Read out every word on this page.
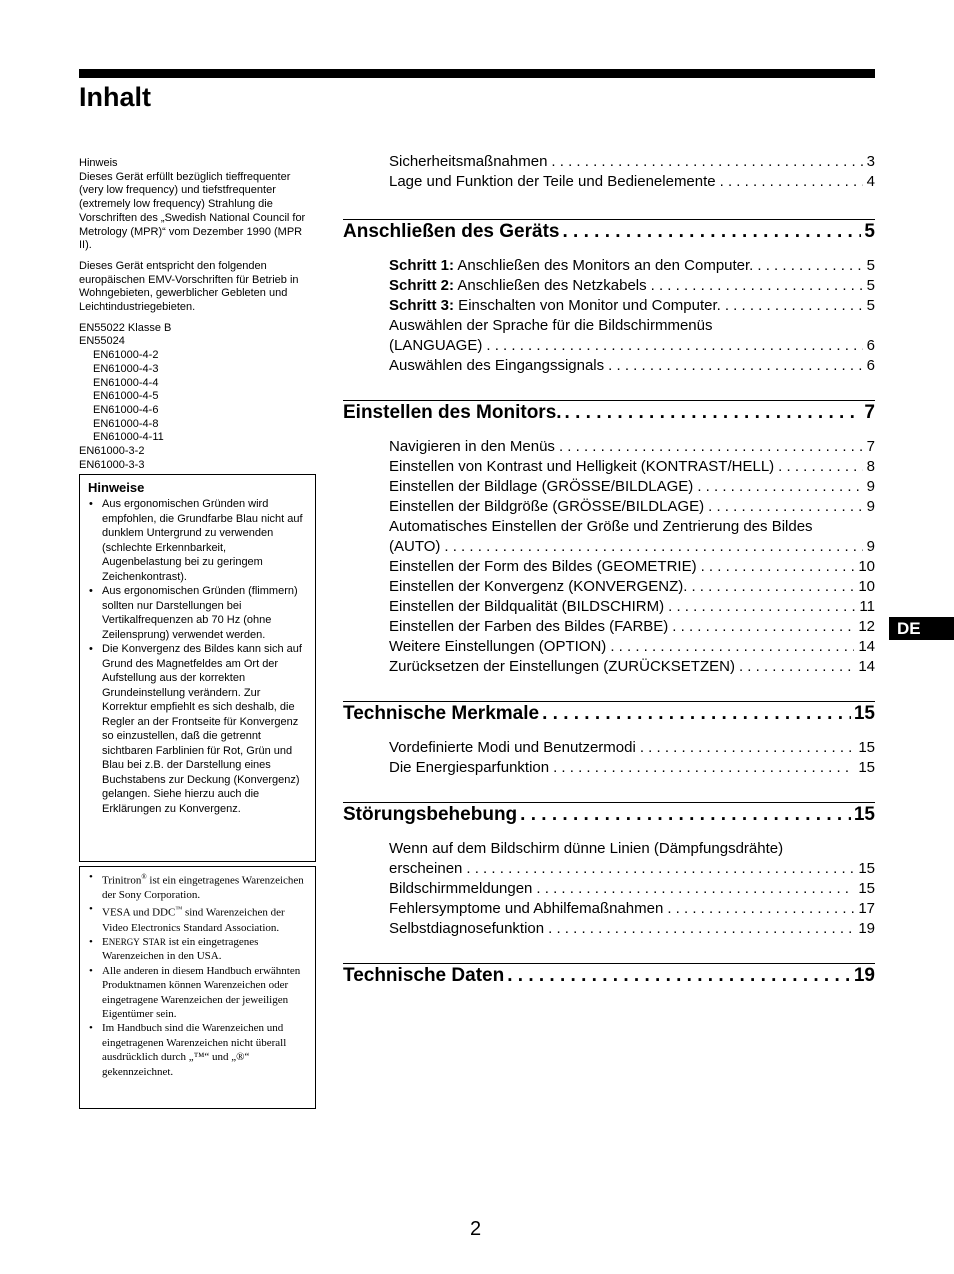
Inhalt

Hinweis

Dieses Gerät erfüllt bezüglich tieffrequenter (very low frequency) und tiefstfrequenter (extremely low frequency) Strahlung die Vorschriften des „Swedish National Council for Metrology (MPR)“ vom Dezember 1990 (MPR II).

Dieses Gerät entspricht den folgenden europäischen EMV-Vorschriften für Betrieb in Wohngebieten, gewerblicher Gebleten und Leichtindustriegebieten.

EN55022 Klasse B
EN55024
EN61000-4-2
EN61000-4-3
EN61000-4-4
EN61000-4-5
EN61000-4-6
EN61000-4-8
EN61000-4-11
EN61000-3-2
EN61000-3-3
Hinweise
• Aus ergonomischen Gründen wird empfohlen, die Grundfarbe Blau nicht auf dunklem Untergrund zu verwenden (schlechte Erkennbarkeit, Augenbelastung bei zu geringem Zeichenkontrast).
• Aus ergonomischen Gründen (flimmern) sollten nur Darstellungen bei Vertikalfrequenzen ab 70 Hz (ohne Zeilensprung) verwendet werden.
• Die Konvergenz des Bildes kann sich auf Grund des Magnetfeldes am Ort der Aufstellung aus der korrekten Grundeinstellung verändern. Zur Korrektur empfiehlt es sich deshalb, die Regler an der Frontseite für Konvergenz so einzustellen, daß die getrennt sichtbaren Farblinien für Rot, Grün und Blau bei z.B. der Darstellung eines Buchstabens zur Deckung (Konvergenz) gelangen. Siehe hierzu auch die Erklärungen zu Konvergenz.
• Trinitron® ist ein eingetragenes Warenzeichen der Sony Corporation.
• VESA und DDC™ sind Warenzeichen der Video Electronics Standard Association.
• ENERGY STAR ist ein eingetragenes Warenzeichen in den USA.
• Alle anderen in diesem Handbuch erwähnten Produktnamen können Warenzeichen oder eingetragene Warenzeichen der jeweiligen Eigentümer sein.
• Im Handbuch sind die Warenzeichen und eingetragenen Warenzeichen nicht überall ausdrücklich durch „™“ und „®“ gekennzeichnet.
Sicherheitsmaßnahmen . . .	3
Lage und Funktion der Teile und Bedienelemente . . .	4
Anschließen des Geräts . . .	5
Schritt 1: Anschließen des Monitors an den Computer. . . .	5
Schritt 2: Anschließen des Netzkabels . . .	5
Schritt 3: Einschalten von Monitor und Computer. . . .	5
Auswählen der Sprache für die Bildschirmmenüs
(LANGUAGE) . . .	6
Auswählen des Eingangssignals . . .	6
Einstellen des Monitors. . . .	7
Navigieren in den Menüs . . .	7
Einstellen von Kontrast und Helligkeit (KONTRAST/HELL) . . .	8
Einstellen der Bildlage (GRÖSSE/BILDLAGE) . . .	9
Einstellen der Bildgröße (GRÖSSE/BILDLAGE) . . .	9
Automatisches Einstellen der Größe und Zentrierung des Bildes
(AUTO) . . .	9
Einstellen der Form des Bildes (GEOMETRIE) . . .	10
Einstellen der Konvergenz (KONVERGENZ). . . .	10
Einstellen der Bildqualität (BILDSCHIRM) . . .	11
Einstellen der Farben des Bildes (FARBE) . . .	12
Weitere Einstellungen (OPTION) . . .	14
Zurücksetzen der Einstellungen (ZURÜCKSETZEN) . . .	14
Technische Merkmale . . .	15
Vordefinierte Modi und Benutzermodi . . .	15
Die Energiesparfunktion . . .	15
Störungsbehebung . . .	15
Wenn auf dem Bildschirm dünne Linien (Dämpfungsdrähte)
erscheinen . . .	15
Bildschirmmeldungen . . .	15
Fehlersymptome und Abhilfemaßnahmen . . .	17
Selbstdiagnosefunktion . . .	19
Technische Daten . . .	19
DE
2
